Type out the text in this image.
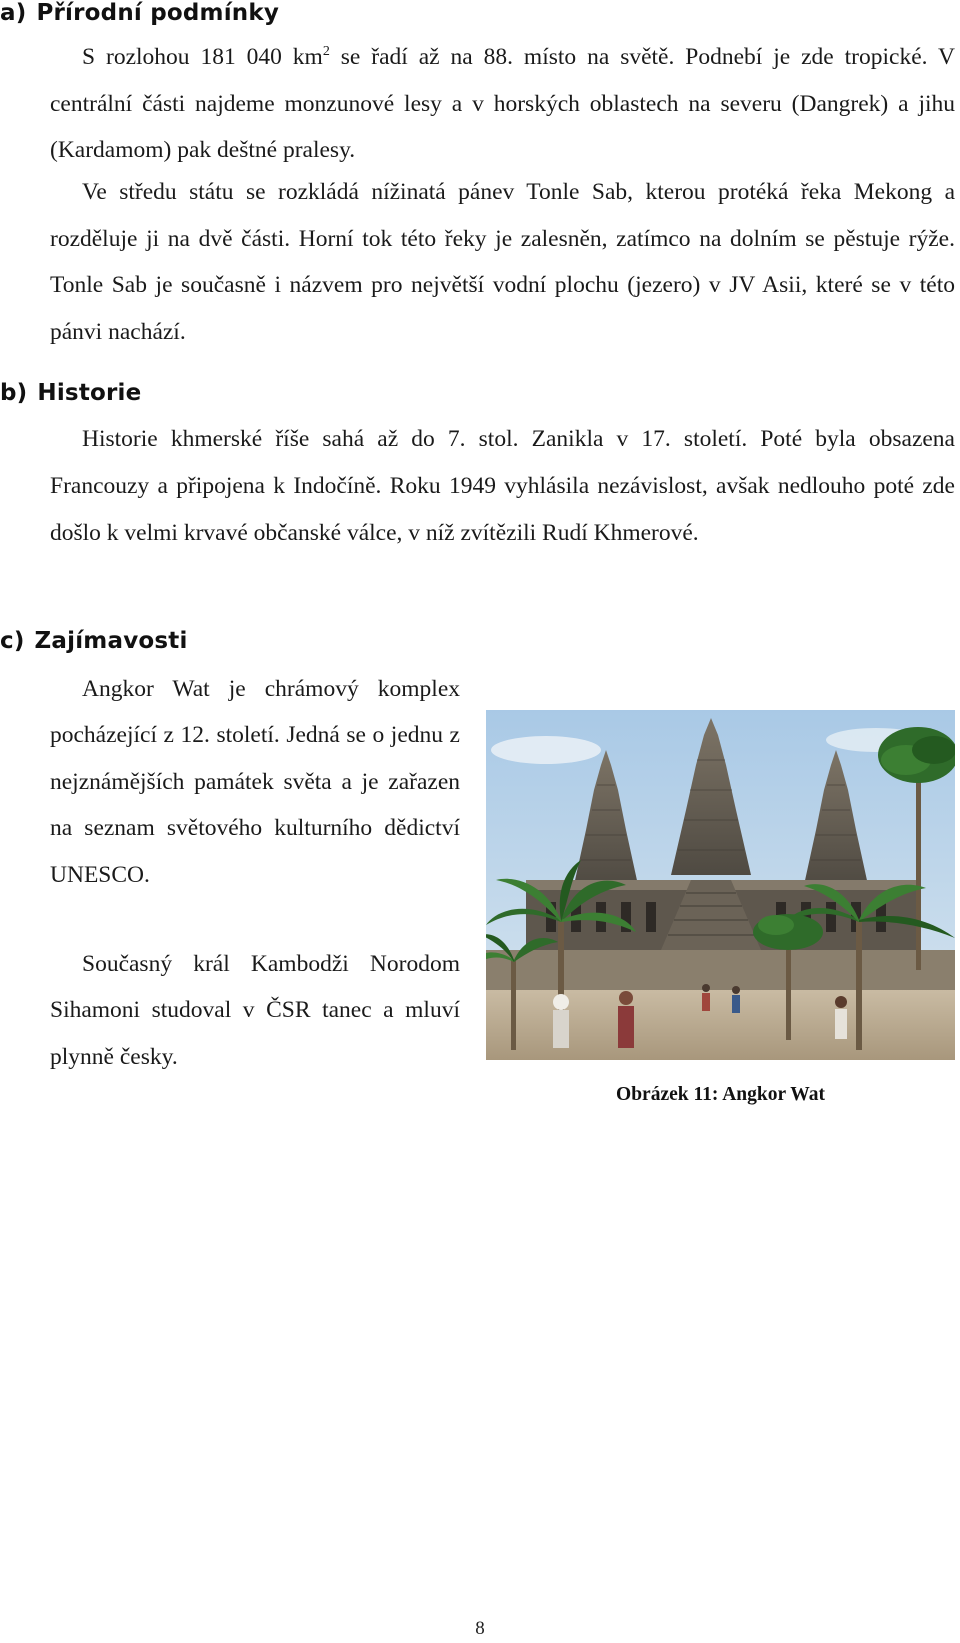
a) Přírodní podmínky

S rozlohou 181 040 $km^2$ se řadí až na 88. místo na světě. Podnebí je zde tropické. V centrální části najdeme monzunové lesy a v horských oblastech na severu (Dangrek) a jihu (Kardamom) pak deštné pralesy.

Ve středu státu se rozkládá nížinatá pánev Tonle Sab, kterou protéká řeka Mekong a rozděluje ji na dvě části. Horní tok této řeky je zalesněn, zatímco na dolním se pěstuje rýže. Tonle Sab je současně i názvem pro největší vodní plochu (jezero) v JV Asii, které se v této pánvi nachází.

b) Historie

Historie khmerské říše sahá až do 7. stol. Zanikla v 17. století. Poté byla obsazena Francouzy a připojena k Indočíně. Roku 1949 vyhlásila nezávislost, avšak nedlouho poté zde došlo k velmi krvavé občanské válce, v níž zvítězili Rudí Khmerové.

c) Zajímavosti

Angkor Wat je chrámový komplex pocházející z 12. století. Jedná se o jednu z nejznámějších památek světa a je zařazen na seznam světového kulturního dědictví UNESCO.

Současný král Kambodži Norodom Sihamoni studoval v ČSR tanec a mluví plynně česky.

Obrázek 11: Angkor Wat

8
